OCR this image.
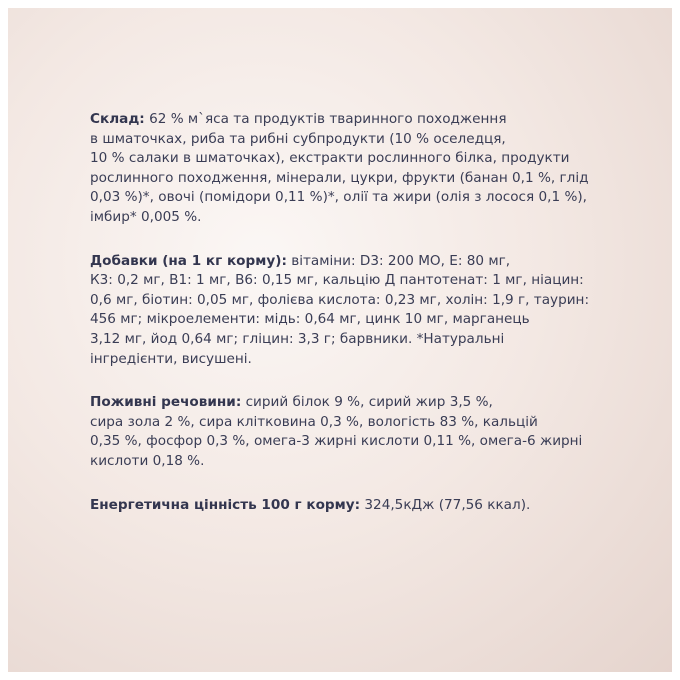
Склад: 62 % м`яса та продуктів тваринного походження
в шматочках, риба та рибні субпродукти (10 % оселедця,
10 % салаки в шматочках), екстракти рослинного білка, продукти
рослинного походження, мінерали, цукри, фрукти (банан 0,1 %, глід
0,03 %)*, овочі (помідори 0,11 %)*, олії та жири (олія з лосося 0,1 %),
імбир* 0,005 %.

Добавки (на 1 кг корму): вітаміни: D3: 200 МО, Е: 80 мг,
К3: 0,2 мг, В1: 1 мг, В6: 0,15 мг, кальцію Д пантотенат: 1 мг, ніацин:
0,6 мг, біотин: 0,05 мг, фолієва кислота: 0,23 мг, холін: 1,9 г, таурин:
456 мг; мікроелементи: мідь: 0,64 мг, цинк 10 мг, марганець
3,12 мг, йод 0,64 мг; гліцин: 3,3 г; барвники. *Натуральні
інгредієнти, висушені.

Поживні речовини: сирий білок 9 %, сирий жир 3,5 %,
сира зола 2 %, сира клітковина 0,3 %, вологість 83 %, кальцій
0,35 %, фосфор 0,3 %, омега-3 жирні кислоти 0,11 %, омега-6 жирні
кислоти 0,18 %.

Енергетична цінність 100 г корму: 324,5кДж (77,56 ккал).
